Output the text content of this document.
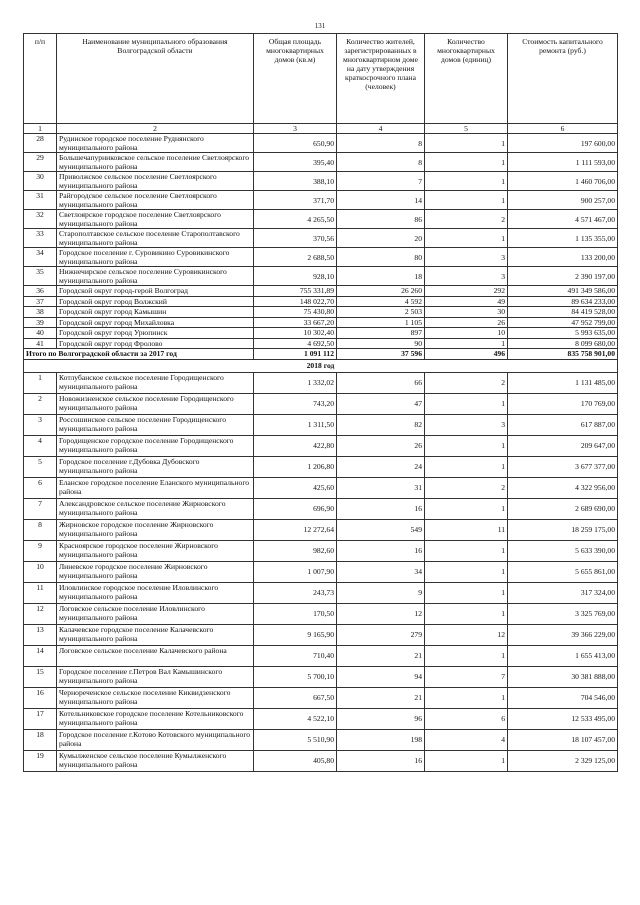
131
п/п	Наименование муниципального образования Волгоградской области	Общая площадь многоквартирных домов (кв.м)	Количество жителей, зарегистрированных в многоквартирном доме на дату утверждения краткосрочного плана (человек)	Количество многоквартирных домов (единиц)	Стоимость капитального ремонта (руб.)
1	2	3	4	5	6
28	Рудинское городское поселение Руднянского муниципального района	650,90	8	1	197 600,00
29	Большечапурниковское сельское поселение Светлоярского муниципального района	395,40	8	1	1 111 593,00
30	Приволжское сельское поселение Светлоярского муниципального района	388,10	7	1	1 460 706,00
31	Райгородское сельское поселение Светлоярского муниципального района	371,70	14	1	900 257,00
32	Светлоярское городское поселение Светлоярского муниципального района	4 265,50	86	2	4 571 467,00
33	Старополтавское сельское поселение Старополтавского муниципального района	370,56	20	1	1 135 355,00
34	Городское поселение г. Суровикино Суровикинского муниципального района	2 688,50	80	3	133 200,00
35	Нижнечирское сельское поселение Суровикинского муниципального района	928,10	18	3	2 390 197,00
36	Городской округ город-герой Волгоград	755 331,89	26 260	292	491 349 586,00
37	Городской округ город Волжский	148 022,70	4 592	49	89 634 233,00
38	Городской округ город Камышин	75 430,80	2 503	30	84 419 528,00
39	Городской округ город Михайловка	33 667,20	1 105	26	47 952 799,00
40	Городской округ город Урюпинск	10 302,40	897	10	5 993 635,00
41	Городской округ город Фролово	4 692,50	90	1	8 099 680,00
Итого по Волгоградской области за 2017 год		1 091 112	37 596	496	835 758 901,00
2018 год					
1	Котлубанское сельское поселение Городищенского муниципального района	1 332,02	66	2	1 131 485,00
2	Новожизненское сельское поселение Городищенского муниципального района	743,20	47	1	170 769,00
3	Россошинское сельское поселение Городищенского муниципального района	1 311,50	82	3	617 887,00
4	Городищенское городское поселение Городищенского муниципального района	422,80	26	1	209 647,00
5	Городское поселение г.Дубовка Дубовского муниципального района	1 206,80	24	1	3 677 377,00
6	Еланское городское поселение Еланского муниципального района	425,60	31	2	4 322 956,00
7	Александровское сельское поселение Жирновского муниципального района	696,90	16	1	2 689 690,00
8	Жирновское городское поселение Жирновского муниципального района	12 272,64	549	11	18 259 175,00
9	Красноярское городское поселение Жирновского муниципального района	982,60	16	1	5 633 390,00
10	Линевское городское поселение Жирновского муниципального района	1 007,90	34	1	5 655 861,00
11	Иловлинское городское поселение Иловлинского муниципального района	243,73	9	1	317 324,00
12	Логовское сельское поселение Иловлинского муниципального района	170,50	12	1	3 325 769,00
13	Калачевское городское поселение Калачевского муниципального района	9 165,90	279	12	39 366 229,00
14	Логовское сельское поселение Калачевского района	710,40	21	1	1 655 413,00
15	Городское поселение г.Петров Вал Камышинского муниципального района	5 700,10	94	7	30 381 888,00
16	Чернореченское сельское поселение Киквидзенского муниципального района	667,50	21	1	704 546,00
17	Котельниковское городское поселение Котельниковского муниципального района	4 522,10	96	6	12 533 495,00
18	Городское поселение г.Котово Котовского муниципального района	5 510,90	198	4	18 107 457,00
19	Кумылженское сельское поселение Кумылженского муниципального района	405,80	16	1	2 329 125,00
